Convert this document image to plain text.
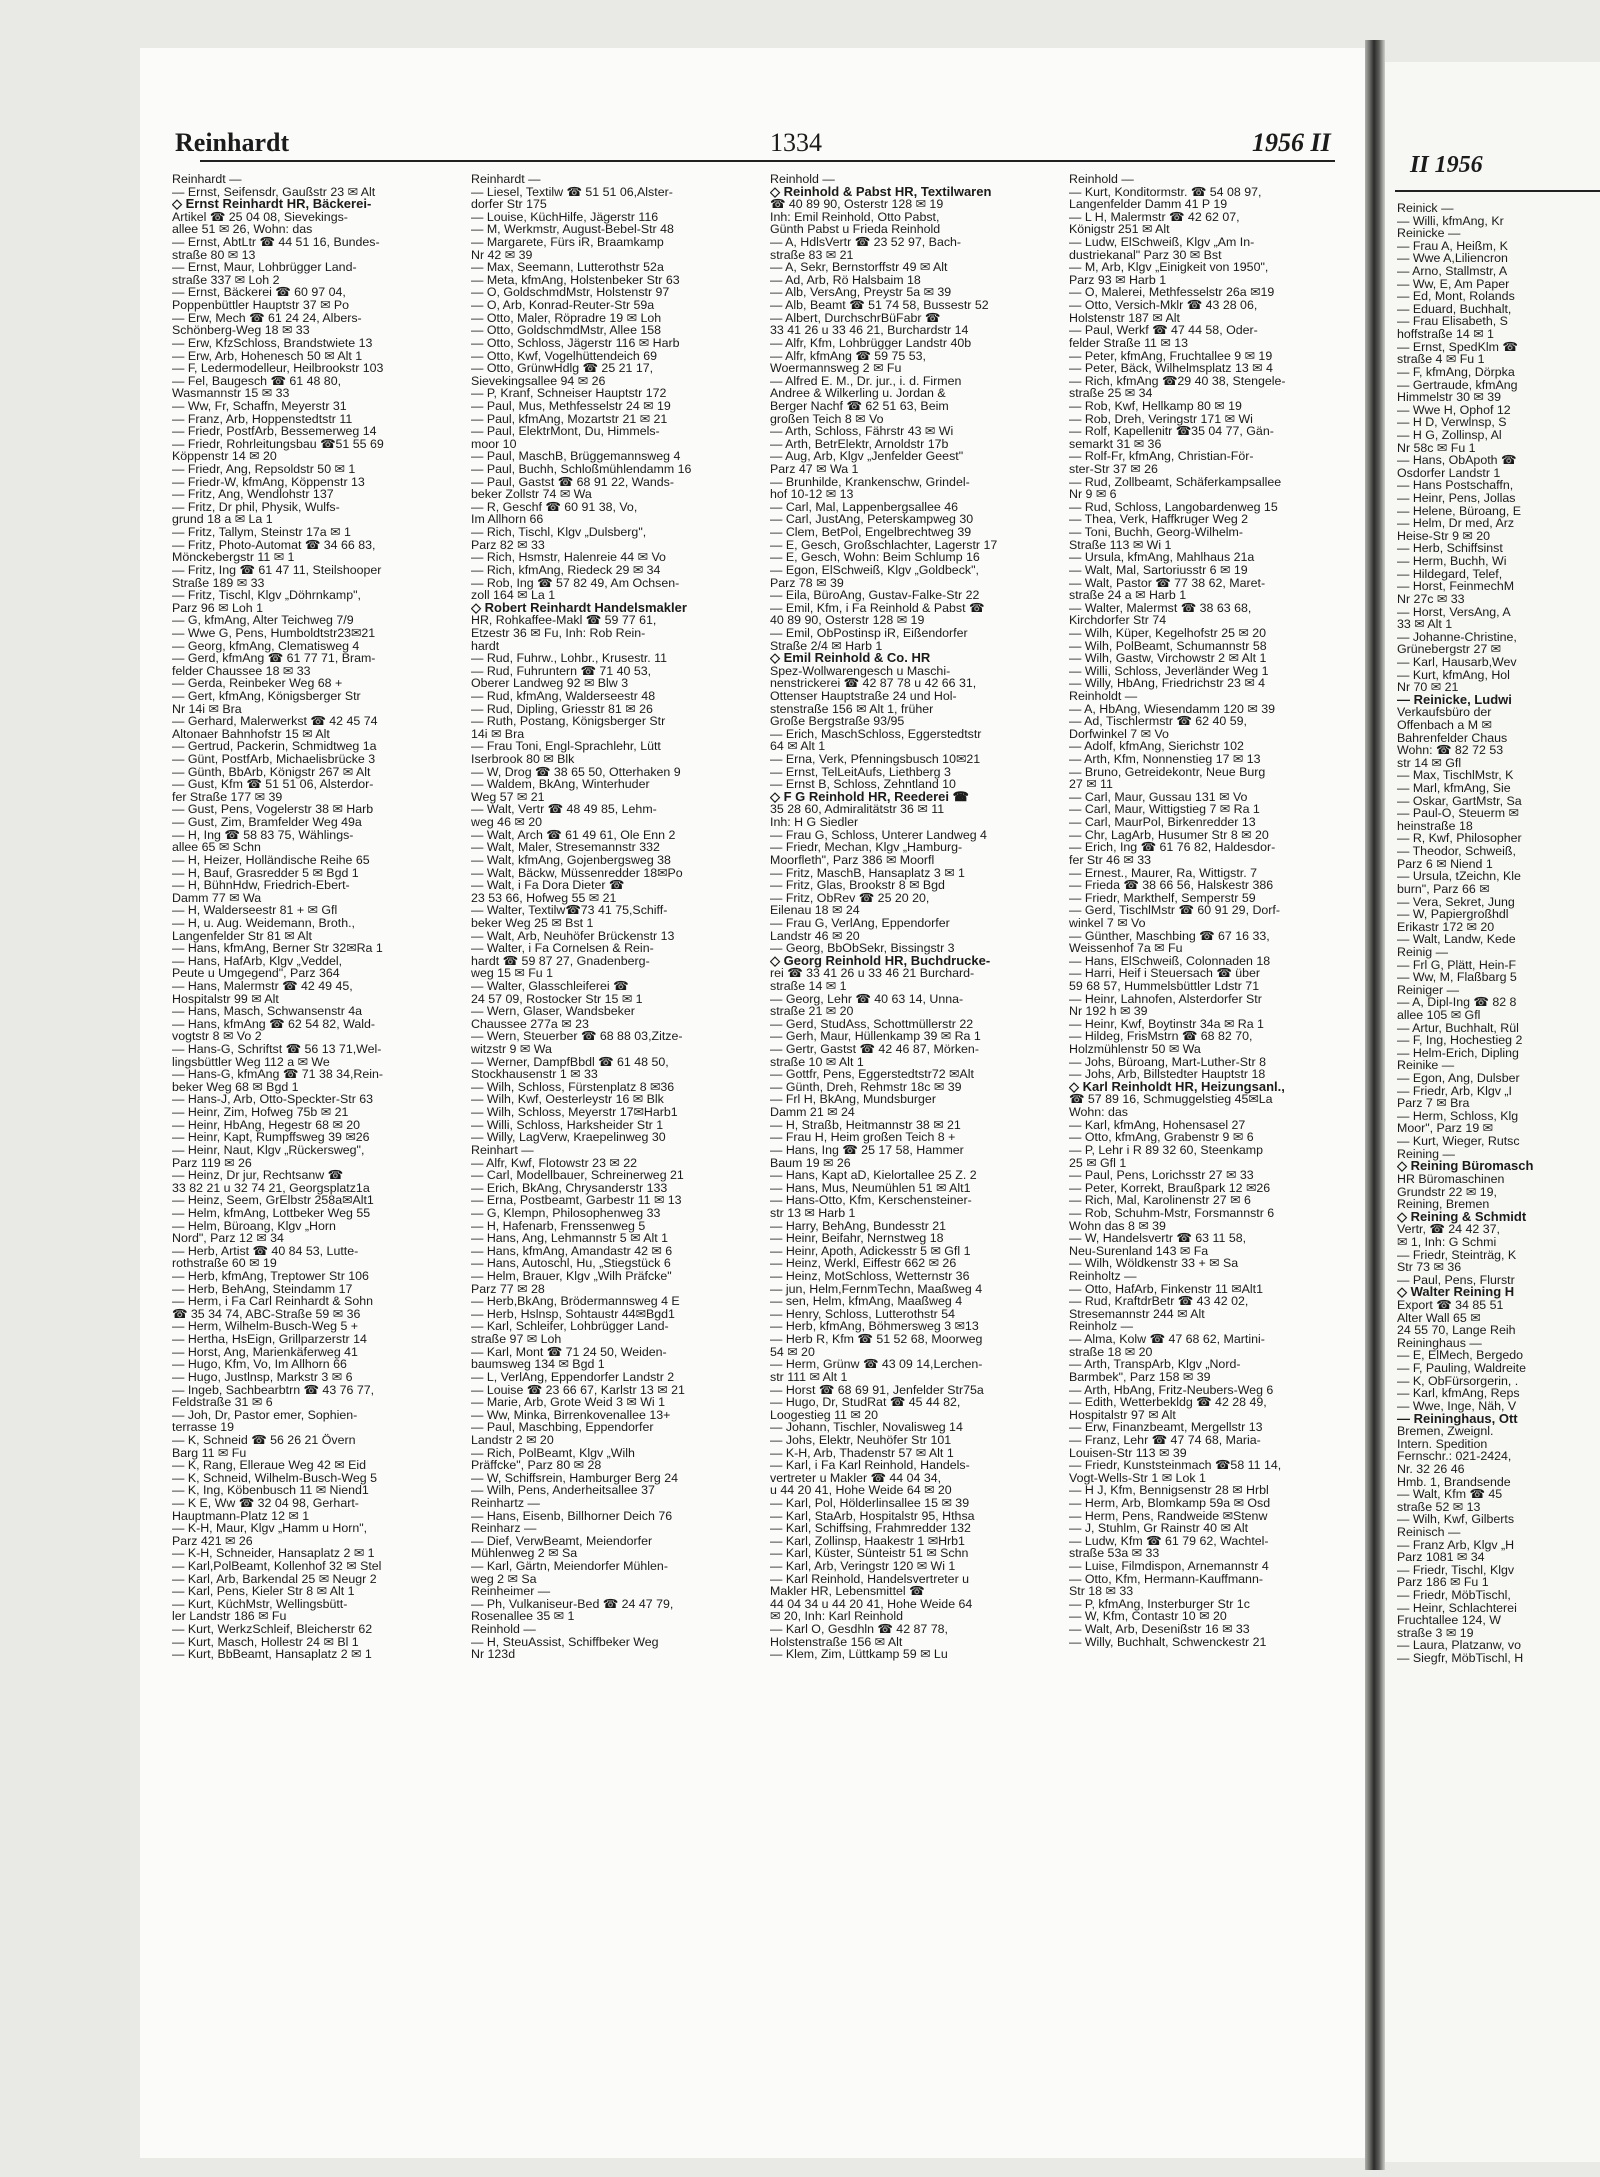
Reinhardt	1334	1956 II
Reinhardt —
— Ernst, Seifensdr, Gaußstr 23 ✉ Alt
◇ Ernst Reinhardt HR, Bäckerei-
Artikel ☎ 25 04 08, Sievekings-
allee 51 ✉ 26, Wohn: das
— Ernst, AbtLtr ☎ 44 51 16, Bundes-
straße 80 ✉ 13
— Ernst, Maur, Lohbrügger Land-
straße 337 ✉ Loh 2
— Ernst, Bäckerei ☎ 60 97 04,
Poppenbüttler Hauptstr 37 ✉ Po
— Erw, Mech ☎ 61 24 24, Albers-
Schönberg-Weg 18 ✉ 33
— Erw, KfzSchloss, Brandstwiete 13
— Erw, Arb, Hohenesch 50 ✉ Alt 1
— F, Ledermodelleur, Heilbrookstr 103
— Fel, Baugesch ☎ 61 48 80,
Wasmannstr 15 ✉ 33
— Ww, Fr, Schaffn, Meyerstr 31
— Franz, Arb, Hoppenstedtstr 11
— Friedr, PostfArb, Bessemerweg 14
— Friedr, Rohrleitungsbau ☎51 55 69
Köppenstr 14 ✉ 20
— Friedr, Ang, Repsoldstr 50 ✉ 1
— Friedr-W, kfmAng, Köppenstr 13
— Fritz, Ang, Wendlohstr 137
— Fritz, Dr phil, Physik, Wulfs-
grund 18 a ✉ La 1
— Fritz, Tallym, Steinstr 17a ✉ 1
— Fritz, Photo-Automat ☎ 34 66 83,
Mönckebergstr 11 ✉ 1
— Fritz, Ing ☎ 61 47 11, Steilshooper
Straße 189 ✉ 33
— Fritz, Tischl, Klgv „Döhrnkamp",
Parz 96 ✉ Loh 1
— G, kfmAng, Alter Teichweg 7/9
— Wwe G, Pens, Humboldtstr23✉21
— Georg, kfmAng, Clematisweg 4
— Gerd, kfmAng ☎ 61 77 71, Bram-
felder Chaussee 18 ✉ 33
— Gerda, Reinbeker Weg 68 +
— Gert, kfmAng, Königsberger Str
Nr 14i ✉ Bra
— Gerhard, Malerwerkst ☎ 42 45 74
Altonaer Bahnhofstr 15 ✉ Alt
— Gertrud, Packerin, Schmidtweg 1a
— Günt, PostfArb, Michaelisbrücke 3
— Günth, BbArb, Königstr 267 ✉ Alt
— Gust, Kfm ☎ 51 51 06, Alsterdor-
fer Straße 177 ✉ 39
— Gust, Pens, Vogelerstr 38 ✉ Harb
— Gust, Zim, Bramfelder Weg 49a
— H, Ing ☎ 58 83 75, Wählings-
allee 65 ✉ Schn
— H, Heizer, Holländische Reihe 65
— H, Bauf, Grasredder 5 ✉ Bgd 1
— H, BühnHdw, Friedrich-Ebert-
Damm 77 ✉ Wa
— H, Walderseestr 81 + ✉ Gfl
— H, u. Aug. Weidemann, Broth.,
Langenfelder Str 81 ✉ Alt
— Hans, kfmAng, Berner Str 32✉Ra 1
— Hans, HafArb, Klgv „Veddel,
Peute u Umgegend", Parz 364
— Hans, Malermstr ☎ 42 49 45,
Hospitalstr 99 ✉ Alt
— Hans, Masch, Schwansenstr 4a
— Hans, kfmAng ☎ 62 54 82, Wald-
vogtstr 8 ✉ Vo 2
— Hans-G, Schriftst ☎ 56 13 71,Wel-
lingsbüttler Weg 112 a ✉ We
— Hans-G, kfmAng ☎ 71 38 34,Rein-
beker Weg 68 ✉ Bgd 1
— Hans-J, Arb, Otto-Speckter-Str 63
— Heinr, Zim, Hofweg 75b ✉ 21
— Heinr, HbAng, Hegestr 68 ✉ 20
— Heinr, Kapt, Rumpffsweg 39 ✉26
— Heinr, Naut, Klgv „Rückersweg",
Parz 119 ✉ 26
— Heinz, Dr jur, Rechtsanw ☎
33 82 21 u 32 74 21, Georgsplatz1a
— Heinz, Seem, GrElbstr 258a✉Alt1
— Helm, kfmAng, Lottbeker Weg 55
— Helm, Büroang, Klgv „Horn
Nord", Parz 12 ✉ 34
— Herb, Artist ☎ 40 84 53, Lutte-
rothstraße 60 ✉ 19
— Herb, kfmAng, Treptower Str 106
— Herb, BehAng, Steindamm 17
— Herm, i Fa Carl Reinhardt & Sohn
☎ 35 34 74, ABC-Straße 59 ✉ 36
— Herm, Wilhelm-Busch-Weg 5 +
— Hertha, HsEign, Grillparzerstr 14
— Horst, Ang, Marienkäferweg 41
— Hugo, Kfm, Vo, Im Allhorn 66
— Hugo, Justlnsp, Markstr 3 ✉ 6
— Ingeb, Sachbearbtrn ☎ 43 76 77,
Feldstraße 31 ✉ 6
— Joh, Dr, Pastor emer, Sophien-
terrasse 19
— K, Schneid ☎ 56 26 21 Övern
Barg 11 ✉ Fu
— K, Rang, Elleraue Weg 42 ✉ Eid
— K, Schneid, Wilhelm-Busch-Weg 5
— K, Ing, Köbenbusch 11 ✉ Niend1
— K E, Ww ☎ 32 04 98, Gerhart-
Hauptmann-Platz 12 ✉ 1
— K-H, Maur, Klgv „Hamm u Horn",
Parz 421 ✉ 26
— K-H, Schneider, Hansaplatz 2 ✉ 1
— Karl,PolBeamt, Kollenhof 32 ✉ Stel
— Karl, Arb, Barkendal 25 ✉ Neugr 2
— Karl, Pens, Kieler Str 8 ✉ Alt 1
— Kurt, KüchMstr, Wellingsbütt-
ler Landstr 186 ✉ Fu
— Kurt, WerkzSchleif, Bleicherstr 62
— Kurt, Masch, Hollestr 24 ✉ Bl 1
— Kurt, BbBeamt, Hansaplatz 2 ✉ 1
Reinhardt —
— Liesel, Textilw ☎ 51 51 06,Alster-
dorfer Str 175
— Louise, KüchHilfe, Jägerstr 116
— M, Werkmstr, August-Bebel-Str 48
— Margarete, Fürs iR, Braamkamp
Nr 42 ✉ 39
— Max, Seemann, Lutterothstr 52a
— Meta, kfmAng, Holstenbeker Str 63
— O, GoldschmdMstr, Holstenstr 97
— O, Arb, Konrad-Reuter-Str 59a
— Otto, Maler, Röpradre 19 ✉ Loh
— Otto, GoldschmdMstr, Allee 158
— Otto, Schloss, Jägerstr 116 ✉ Harb
— Otto, Kwf, Vogelhüttendeich 69
— Otto, GrünwHdlg ☎ 25 21 17,
Sievekingsallee 94 ✉ 26
— P, Kranf, Schneiser Hauptstr 172
— Paul, Mus, Methfesselstr 24 ✉ 19
— Paul, kfmAng, Mozartstr 21 ✉ 21
— Paul, ElektrMont, Du, Himmels-
moor 10
— Paul, MaschB, Brüggemannsweg 4
— Paul, Buchh, Schloßmühlendamm 16
— Paul, Gastst ☎ 68 91 22, Wands-
beker Zollstr 74 ✉ Wa
— R, Geschf ☎ 60 91 38, Vo,
Im Allhorn 66
— Rich, Tischl, Klgv „Dulsberg",
Parz 82 ✉ 33
— Rich, Hsmstr, Halenreie 44 ✉ Vo
— Rich, kfmAng, Riedeck 29 ✉ 34
— Rob, Ing ☎ 57 82 49, Am Ochsen-
zoll 164 ✉ La 1
◇ Robert Reinhardt Handelsmakler
HR, Rohkaffee-Makl ☎ 59 77 61,
Etzestr 36 ✉ Fu, Inh: Rob Rein-
hardt
— Rud, Fuhrw., Lohbr., Krusestr. 11
— Rud, Fuhruntern ☎ 71 40 53,
Oberer Landweg 92 ✉ Blw 3
— Rud, kfmAng, Walderseestr 48
— Rud, Dipling, Griesstr 81 ✉ 26
— Ruth, Postang, Königsberger Str
14i ✉ Bra
— Frau Toni, Engl-Sprachlehr, Lütt
Iserbrook 80 ✉ Blk
— W, Drog ☎ 38 65 50, Otterhaken 9
— Waldem, BkAng, Winterhuder
Weg 57 ✉ 21
— Walt, Vertr ☎ 48 49 85, Lehm-
weg 46 ✉ 20
— Walt, Arch ☎ 61 49 61, Ole Enn 2
— Walt, Maler, Stresemannstr 332
— Walt, kfmAng, Gojenbergsweg 38
— Walt, Bäckw, Müssenredder 18✉Po
— Walt, i Fa Dora Dieter ☎
23 53 66, Hofweg 55 ✉ 21
— Walter, Textilw☎73 41 75,Schiff-
beker Weg 25 ✉ Bst 1
— Walt, Arb, Neuhöfer Brückenstr 13
— Walter, i Fa Cornelsen & Rein-
hardt ☎ 59 87 27, Gnadenberg-
weg 15 ✉ Fu 1
— Walter, Glasschleiferei ☎
24 57 09, Rostocker Str 15 ✉ 1
— Wern, Glaser, Wandsbeker
Chaussee 277a ✉ 23
— Wern, Steuerber ☎ 68 88 03,Zitze-
witzstr 9 ✉ Wa
— Werner, DampfBbdl ☎ 61 48 50,
Stockhausenstr 1 ✉ 33
— Wilh, Schloss, Fürstenplatz 8 ✉36
— Wilh, Kwf, Oesterleystr 16 ✉ Blk
— Wilh, Schloss, Meyerstr 17✉Harb1
— Willi, Schloss, Harksheider Str 1
— Willy, LagVerw, Kraepelinweg 30
Reinhart —
— Alfr, Kwf, Flotowstr 23 ✉ 22
— Carl, Modellbauer, Schreinerweg 21
— Erich, BkAng, Chrysanderstr 133
— Erna, Postbeamt, Garbestr 11 ✉ 13
— G, Klempn, Philosophenweg 33
— H, Hafenarb, Frenssenweg 5
— Hans, Ang, Lehmannstr 5 ✉ Alt 1
— Hans, kfmAng, Amandastr 42 ✉ 6
— Hans, Autoschl, Hu, „Stiegstück 6
— Helm, Brauer, Klgv „Wilh Präfcke"
Parz 77 ✉ 28
— Herb,BkAng, Brödermannsweg 4 E
— Herb, Hslnsp, Sohtaustr 44✉Bgd1
— Karl, Schleifer, Lohbrügger Land-
straße 97 ✉ Loh
— Karl, Mont ☎ 71 24 50, Weiden-
baumsweg 134 ✉ Bgd 1
— L, VerlAng, Eppendorfer Landstr 2
— Louise ☎ 23 66 67, Karlstr 13 ✉ 21
— Marie, Arb, Grote Weid 3 ✉ Wi 1
— Ww, Minka, Birrenkovenallee 13+
— Paul, Maschbing, Eppendorfer
Landstr 2 ✉ 20
— Rich, PolBeamt, Klgv „Wilh
Präffcke", Parz 80 ✉ 28
— W, Schiffsrein, Hamburger Berg 24
— Wilh, Pens, Anderheitsallee 37
Reinhartz —
— Hans, Eisenb, Billhorner Deich 76
Reinharz —
— Dief, VerwBeamt, Meiendorfer
Mühlenweg 2 ✉ Sa
— Karl, Gärtn, Meiendorfer Mühlen-
weg 2 ✉ Sa
Reinheimer —
— Ph, Vulkaniseur-Bed ☎ 24 47 79,
Rosenallee 35 ✉ 1
Reinhold —
— H, SteuAssist, Schiffbeker Weg
Nr 123d
Reinhold —
◇ Reinhold & Pabst HR, Textilwaren
☎ 40 89 90, Osterstr 128 ✉ 19
Inh: Emil Reinhold, Otto Pabst,
Günth Pabst u Frieda Reinhold
— A, HdlsVertr ☎ 23 52 97, Bach-
straße 83 ✉ 21
— A, Sekr, Bernstorffstr 49 ✉ Alt
— Ad, Arb, Rö Halsbaim 18
— Alb, VersAng, Preystr 5a ✉ 39
— Alb, Beamt ☎ 51 74 58, Bussestr 52
— Albert, DurchschrBüFabr ☎
33 41 26 u 33 46 21, Burchardstr 14
— Alfr, Kfm, Lohbrügger Landstr 40b
— Alfr, kfmAng ☎ 59 75 53,
Woermannsweg 2 ✉ Fu
— Alfred E. M., Dr. jur., i. d. Firmen
Andree & Wilkerling u. Jordan &
Berger Nachf ☎ 62 51 63, Beim
großen Teich 8 ✉ Vo
— Arth, Schloss, Fährstr 43 ✉ Wi
— Arth, BetrElektr, Arnoldstr 17b
— Aug, Arb, Klgv „Jenfelder Geest"
Parz 47 ✉ Wa 1
— Brunhilde, Krankenschw, Grindel-
hof 10-12 ✉ 13
— Carl, Mal, Lappenbergsallee 46
— Carl, JustAng, Peterskampweg 30
— Clem, BetPol, Engelbrechtweg 39
— E, Gesch, Großschlachter, Lagerstr 17
— E, Gesch, Wohn: Beim Schlump 16
— Egon, ElSchweiß, Klgv „Goldbeck",
Parz 78 ✉ 39
— Eila, BüroAng, Gustav-Falke-Str 22
— Emil, Kfm, i Fa Reinhold & Pabst ☎
40 89 90, Osterstr 128 ✉ 19
— Emil, ObPostinsp iR, Eißendorfer
Straße 2/4 ✉ Harb 1
◇ Emil Reinhold & Co. HR
Spez-Wollwarengesch u Maschi-
nenstrickerei ☎ 42 87 78 u 42 66 31,
Ottenser Hauptstraße 24 und Hol-
stenstraße 156 ✉ Alt 1, früher
Große Bergstraße 93/95
— Erich, MaschSchloss, Eggerstedtstr
64 ✉ Alt 1
— Erna, Verk, Pfenningsbusch 10✉21
— Ernst, TelLeitAufs, Liethberg 3
— Ernst B, Schloss, Zehntland 10
◇ F G Reinhold HR, Reederei ☎
35 28 60, Admiralitätstr 36 ✉ 11
Inh: H G Siedler
— Frau G, Schloss, Unterer Landweg 4
— Friedr, Mechan, Klgv „Hamburg-
Moorfleth", Parz 386 ✉ Moorfl
— Fritz, MaschB, Hansaplatz 3 ✉ 1
— Fritz, Glas, Brookstr 8 ✉ Bgd
— Fritz, ObRev ☎ 25 20 20,
Eilenau 18 ✉ 24
— Frau G, VerlAng, Eppendorfer
Landstr 46 ✉ 20
— Georg, BbObSekr, Bissingstr 3
◇ Georg Reinhold HR, Buchdrucke-
rei ☎ 33 41 26 u 33 46 21 Burchard-
straße 14 ✉ 1
— Georg, Lehr ☎ 40 63 14, Unna-
straße 21 ✉ 20
— Gerd, StudAss, Schottmüllerstr 22
— Gerh, Maur, Hüllenkamp 39 ✉ Ra 1
— Gertr, Gastst ☎ 42 46 87, Mörken-
straße 10 ✉ Alt 1
— Gottfr, Pens, Eggerstedtstr72 ✉Alt
— Günth, Dreh, Rehmstr 18c ✉ 39
— Frl H, BkAng, Mundsburger
Damm 21 ✉ 24
— H, Straßb, Heitmannstr 38 ✉ 21
— Frau H, Heim großen Teich 8 +
— Hans, Ing ☎ 25 17 58, Hammer
Baum 19 ✉ 26
— Hans, Kapt aD, Kielortallee 25 Z. 2
— Hans, Mus, Neumühlen 51 ✉ Alt1
— Hans-Otto, Kfm, Kerschensteiner-
str 13 ✉ Harb 1
— Harry, BehAng, Bundesstr 21
— Heinr, Beifahr, Nernstweg 18
— Heinr, Apoth, Adickesstr 5 ✉ Gfl 1
— Heinz, Werkl, Eiffestr 662 ✉ 26
— Heinz, MotSchloss, Wetternstr 36
— jun, Helm,FernmTechn, Maaßweg 4
— sen, Helm, kfmAng, Maaßweg 4
— Henry, Schloss, Lutterothstr 54
— Herb, kfmAng, Böhmersweg 3 ✉13
— Herb R, Kfm ☎ 51 52 68, Moorweg
54 ✉ 20
— Herm, Grünw ☎ 43 09 14,Lerchen-
str 111 ✉ Alt 1
— Horst ☎ 68 69 91, Jenfelder Str75a
— Hugo, Dr, StudRat ☎ 45 44 82,
Loogestieg 11 ✉ 20
— Johann, Tischler, Novalisweg 14
— Johs, Elektr, Neuhöfer Str 101
— K-H, Arb, Thadenstr 57 ✉ Alt 1
— Karl, i Fa Karl Reinhold, Handels-
vertreter u Makler ☎ 44 04 34,
u 44 20 41, Hohe Weide 64 ✉ 20
— Karl, Pol, Hölderlinsallee 15 ✉ 39
— Karl, StaArb, Hospitalstr 95, Hthsa
— Karl, Schiffsing, Frahmredder 132
— Karl, Zollinsp, Haakestr 1 ✉Hrb1
— Karl, Küster, Sünteistr 51 ✉ Schn
— Karl, Arb, Veringstr 120 ✉ Wi 1
— Karl Reinhold, Handelsvertreter u
Makler HR, Lebensmittel ☎
44 04 34 u 44 20 41, Hohe Weide 64
✉ 20, Inh: Karl Reinhold
— Karl O, Gesdhln ☎ 42 87 78,
Holstenstraße 156 ✉ Alt
— Klem, Zim, Lüttkamp 59 ✉ Lu
Reinhold —
— Kurt, Konditormstr. ☎ 54 08 97,
Langenfelder Damm 41 P 19
— L H, Malermstr ☎ 42 62 07,
Königstr 251 ✉ Alt
— Ludw, ElSchweiß, Klgv „Am In-
dustriekanal" Parz 30 ✉ Bst
— M, Arb, Klgv „Einigkeit von 1950",
Parz 93 ✉ Harb 1
— O, Malerei, Methfesselstr 26a ✉19
— Otto, Versich-Mklr ☎ 43 28 06,
Holstenstr 187 ✉ Alt
— Paul, Werkf ☎ 47 44 58, Oder-
felder Straße 11 ✉ 13
— Peter, kfmAng, Fruchtallee 9 ✉ 19
— Peter, Bäck, Wilhelmsplatz 13 ✉ 4
— Rich, kfmAng ☎29 40 38, Stengele-
straße 25 ✉ 34
— Rob, Kwf, Hellkamp 80 ✉ 19
— Rob, Dreh, Veringstr 171 ✉ Wi
— Rolf, Kapellenitr ☎35 04 77, Gän-
semarkt 31 ✉ 36
— Rolf-Fr, kfmAng, Christian-För-
ster-Str 37 ✉ 26
— Rud, Zollbeamt, Schäferkampsallee
Nr 9 ✉ 6
— Rud, Schloss, Langobardenweg 15
— Thea, Verk, Haffkruger Weg 2
— Toni, Buchh, Georg-Wilhelm-
Straße 113 ✉ Wi 1
— Ursula, kfmAng, Mahlhaus 21a
— Walt, Mal, Sartoriusstr 6 ✉ 19
— Walt, Pastor ☎ 77 38 62, Maret-
straße 24 a ✉ Harb 1
— Walter, Malermst ☎ 38 63 68,
Kirchdorfer Str 74
— Wilh, Küper, Kegelhofstr 25 ✉ 20
— Wilh, PolBeamt, Schumannstr 58
— Wilh, Gastw, Virchowstr 2 ✉ Alt 1
— Willi, Schloss, Jeverländer Weg 1
— Willy, HbAng, Friedrichstr 23 ✉ 4
Reinholdt —
— A, HbAng, Wiesendamm 120 ✉ 39
— Ad, Tischlermstr ☎ 62 40 59,
Dorfwinkel 7 ✉ Vo
— Adolf, kfmAng, Sierichstr 102
— Arth, Kfm, Nonnenstieg 17 ✉ 13
— Bruno, Getreidekontr, Neue Burg
27 ✉ 11
— Carl, Maur, Gussau 131 ✉ Vo
— Carl, Maur, Wittigstieg 7 ✉ Ra 1
— Carl, MaurPol, Birkenredder 13
— Chr, LagArb, Husumer Str 8 ✉ 20
— Erich, Ing ☎ 61 76 82, Haldesdor-
fer Str 46 ✉ 33
— Ernest., Maurer, Ra, Wittigstr. 7
— Frieda ☎ 38 66 56, Halskestr 386
— Friedr, Markthelf, Semperstr 59
— Gerd, TischlMstr ☎ 60 91 29, Dorf-
winkel 7 ✉ Vo
— Günther, Maschbing ☎ 67 16 33,
Weissenhof 7a ✉ Fu
— Hans, ElSchweiß, Colonnaden 18
— Harri, Heif i Steuersach ☎ über
59 68 57, Hummelsbüttler Ldstr 71
— Heinr, Lahnofen, Alsterdorfer Str
Nr 192 h ✉ 39
— Heinr, Kwf, Boytinstr 34a ✉ Ra 1
— Hildeg, FrisMstrn ☎ 68 82 70,
Holzmühlenstr 50 ✉ Wa
— Johs, Büroang, Mart-Luther-Str 8
— Johs, Arb, Billstedter Hauptstr 18
◇ Karl Reinholdt HR, Heizungsanl.,
☎ 57 89 16, Schmuggelstieg 45✉La
Wohn: das
— Karl, kfmAng, Hohensasel 27
— Otto, kfmAng, Grabenstr 9 ✉ 6
— P, Lehr i R 89 32 60, Steenkamp
25 ✉ Gfl 1
— Paul, Pens, Lorichsstr 27 ✉ 33
— Peter, Korrekt, Braußpark 12 ✉26
— Rich, Mal, Karolinenstr 27 ✉ 6
— Rob, Schuhm-Mstr, Forsmannstr 6
Wohn das 8 ✉ 39
— W, Handelsvertr ☎ 63 11 58,
Neu-Surenland 143 ✉ Fa
— Wilh, Wöldkenstr 33 + ✉ Sa
Reinholtz —
— Otto, HafArb, Finkenstr 11 ✉Alt1
— Rud, KraftdrBetr ☎ 43 42 02,
Stresemannstr 244 ✉ Alt
Reinholz —
— Alma, Kolw ☎ 47 68 62, Martini-
straße 18 ✉ 20
— Arth, TranspArb, Klgv „Nord-
Barmbek", Parz 158 ✉ 39
— Arth, HbAng, Fritz-Neubers-Weg 6
— Edith, Wetterbekldg ☎ 42 28 49,
Hospitalstr 97 ✉ Alt
— Erw, Finanzbeamt, Mergellstr 13
— Franz, Lehr ☎ 47 74 68, Maria-
Louisen-Str 113 ✉ 39
— Friedr, Kunststeinmach ☎58 11 14,
Vogt-Wells-Str 1 ✉ Lok 1
— H J, Kfm, Bennigsenstr 28 ✉ Hrbl
— Herm, Arb, Blomkamp 59a ✉ Osd
— Herm, Pens, Randweide ✉Stenw
— J, Stuhlm, Gr Rainstr 40 ✉ Alt
— Ludw, Kfm ☎ 61 79 62, Wachtel-
straße 53a ✉ 33
— Luise, Filmdispon, Arnemannstr 4
— Otto, Kfm, Hermann-Kauffmann-
Str 18 ✉ 33
— P, kfmAng, Insterburger Str 1c
— W, Kfm, Contastr 10 ✉ 20
— Walt, Arb, Desenißstr 16 ✉ 33
— Willy, Buchhalt, Schwenckestr 21
II 1956
Reinick —
— Willi, kfmAng, Kr
Reinicke —
— Frau A, Heißm, K
— Wwe A,Liliencron
— Arno, Stallmstr, A
— Ww, E, Am Paper
— Ed, Mont, Rolands
— Eduard, Buchhalt,
— Frau Elisabeth, S
hoffstraße 14 ✉ 1
— Ernst, SpedKlm ☎
straße 4 ✉ Fu 1
— F, kfmAng, Dörpka
— Gertraude, kfmAng
Himmelstr 30 ✉ 39
— Wwe H, Ophof 12
— H D, Verwlnsp, S
— H G, Zollinsp, Al
Nr 58c ✉ Fu 1
— Hans, ObApoth ☎
Osdorfer Landstr 1
— Hans Postschaffn,
— Heinr, Pens, Jollas
— Helene, Büroang, E
— Helm, Dr med, Arz
Heise-Str 9 ✉ 20
— Herb, Schiffsinst
— Herm, Buchh, Wi
— Hildegard, Telef,
— Horst, FeinmechM
Nr 27c ✉ 33
— Horst, VersAng, A
33 ✉ Alt 1
— Johanne-Christine,
Grünebergstr 27 ✉
— Karl, Hausarb,Wev
— Kurt, kfmAng, Hol
Nr 70 ✉ 21
— Reinicke, Ludwi
Verkaufsbüro der
Offenbach a M ✉
Bahrenfelder Chaus
Wohn: ☎ 82 72 53
str 14 ✉ Gfl
— Max, TischlMstr, K
— Marl, kfmAng, Sie
— Oskar, GartMstr, Sa
— Paul-O, Steuerm ✉
heinstraße 18
— R, Kwf, Philosopher
— Theodor, Schweiß,
Parz 6 ✉ Niend 1
— Ursula, tZeichn, Kle
burn", Parz 66 ✉
— Vera, Sekret, Jung
— W, Papiergroßhdl
Erikastr 172 ✉ 20
— Walt, Landw, Kede
Reinig —
— Frl G, Plätt, Hein-F
— Ww, M, Flaßbarg 5
Reiniger —
— A, Dipl-Ing ☎ 82 8
allee 105 ✉ Gfl
— Artur, Buchhalt, Rül
— F, Ing, Hochestieg 2
— Helm-Erich, Dipling
Reinike —
— Egon, Ang, Dulsber
— Friedr, Arb, Klgv „I
Parz 7 ✉ Bra
— Herm, Schloss, Klg
Moor", Parz 19 ✉
— Kurt, Wieger, Rutsc
Reining —
◇ Reining Büromasch
HR Büromaschinen
Grundstr 22 ✉ 19,
Reining, Bremen
◇ Reining & Schmidt
Vertr, ☎ 24 42 37,
✉ 1, Inh: G Schmi
— Friedr, Steinträg, K
Str 73 ✉ 36
— Paul, Pens, Flurstr
◇ Walter Reining H
Export ☎ 34 85 51
Alter Wall 65 ✉
24 55 70, Lange Reih
Reininghaus —
— E, ElMech, Bergedo
— F, Pauling, Waldreite
— K, ObFürsorgerin, .
— Karl, kfmAng, Reps
— Wwe, Inge, Näh, V
— Reininghaus, Ott
Bremen, Zweignl.
Intern. Spedition
Fernschr.: 021-2424,
Nr. 32 26 46
Hmb. 1, Brandsende
— Walt, Kfm ☎ 45
straße 52 ✉ 13
— Wilh, Kwf, Gilberts
Reinisch —
— Franz Arb, Klgv „H
Parz 1081 ✉ 34
— Friedr, Tischl, Klgv
Parz 186 ✉ Fu 1
— Friedr, MöbTischl,
— Heinr, Schlachterei
Fruchtallee 124, W
straße 3 ✉ 19
— Laura, Platzanw, vo
— Siegfr, MöbTischl, H
